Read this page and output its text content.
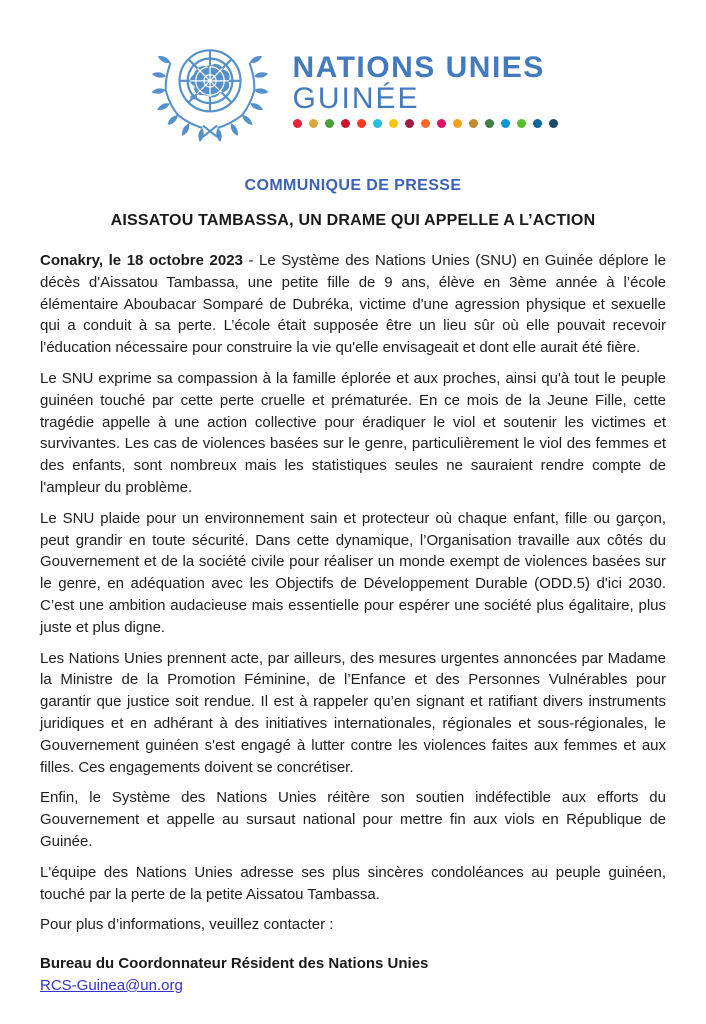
NATIONS UNIES
GUINÉE
COMMUNIQUE DE PRESSE
AISSATOU TAMBASSA, UN DRAME QUI APPELLE A L’ACTION

Conakry, le 18 octobre 2023 - Le Système des Nations Unies (SNU) en Guinée déplore le décès d'Aissatou Tambassa, une petite fille de 9 ans, élève en 3ème année à l’école élémentaire Aboubacar Somparé de Dubréka, victime d'une agression physique et sexuelle qui a conduit à sa perte. L’école était supposée être un lieu sûr où elle pouvait recevoir l'éducation nécessaire pour construire la vie qu'elle envisageait et dont elle aurait été fière.

Le SNU exprime sa compassion à la famille éplorée et aux proches, ainsi qu'à tout le peuple guinéen touché par cette perte cruelle et prématurée. En ce mois de la Jeune Fille, cette tragédie appelle à une action collective pour éradiquer le viol et soutenir les victimes et survivantes. Les cas de violences basées sur le genre, particulièrement le viol des femmes et des enfants, sont nombreux mais les statistiques seules ne sauraient rendre compte de l'ampleur du problème.

Le SNU plaide pour un environnement sain et protecteur où chaque enfant, fille ou garçon, peut grandir en toute sécurité. Dans cette dynamique, l’Organisation travaille aux côtés du Gouvernement et de la société civile pour réaliser un monde exempt de violences basées sur le genre, en adéquation avec les Objectifs de Développement Durable (ODD.5) d'ici 2030. C’est une ambition audacieuse mais essentielle pour espérer une société plus égalitaire, plus juste et plus digne.

Les Nations Unies prennent acte, par ailleurs, des mesures urgentes annoncées par Madame la Ministre de la Promotion Féminine, de l’Enfance et des Personnes Vulnérables pour garantir que justice soit rendue. Il est à rappeler qu’en signant et ratifiant divers instruments juridiques et en adhérant à des initiatives internationales, régionales et sous-régionales, le Gouvernement guinéen s'est engagé à lutter contre les violences faites aux femmes et aux filles. Ces engagements doivent se concrétiser.

Enfin, le Système des Nations Unies réitère son soutien indéfectible aux efforts du Gouvernement et appelle au sursaut national pour mettre fin aux viols en République de Guinée.

L'équipe des Nations Unies adresse ses plus sincères condoléances au peuple guinéen, touché par la perte de la petite Aissatou Tambassa.

Pour plus d’informations, veuillez contacter :

Bureau du Coordonnateur Résident des Nations Unies
RCS-Guinea@un.org
